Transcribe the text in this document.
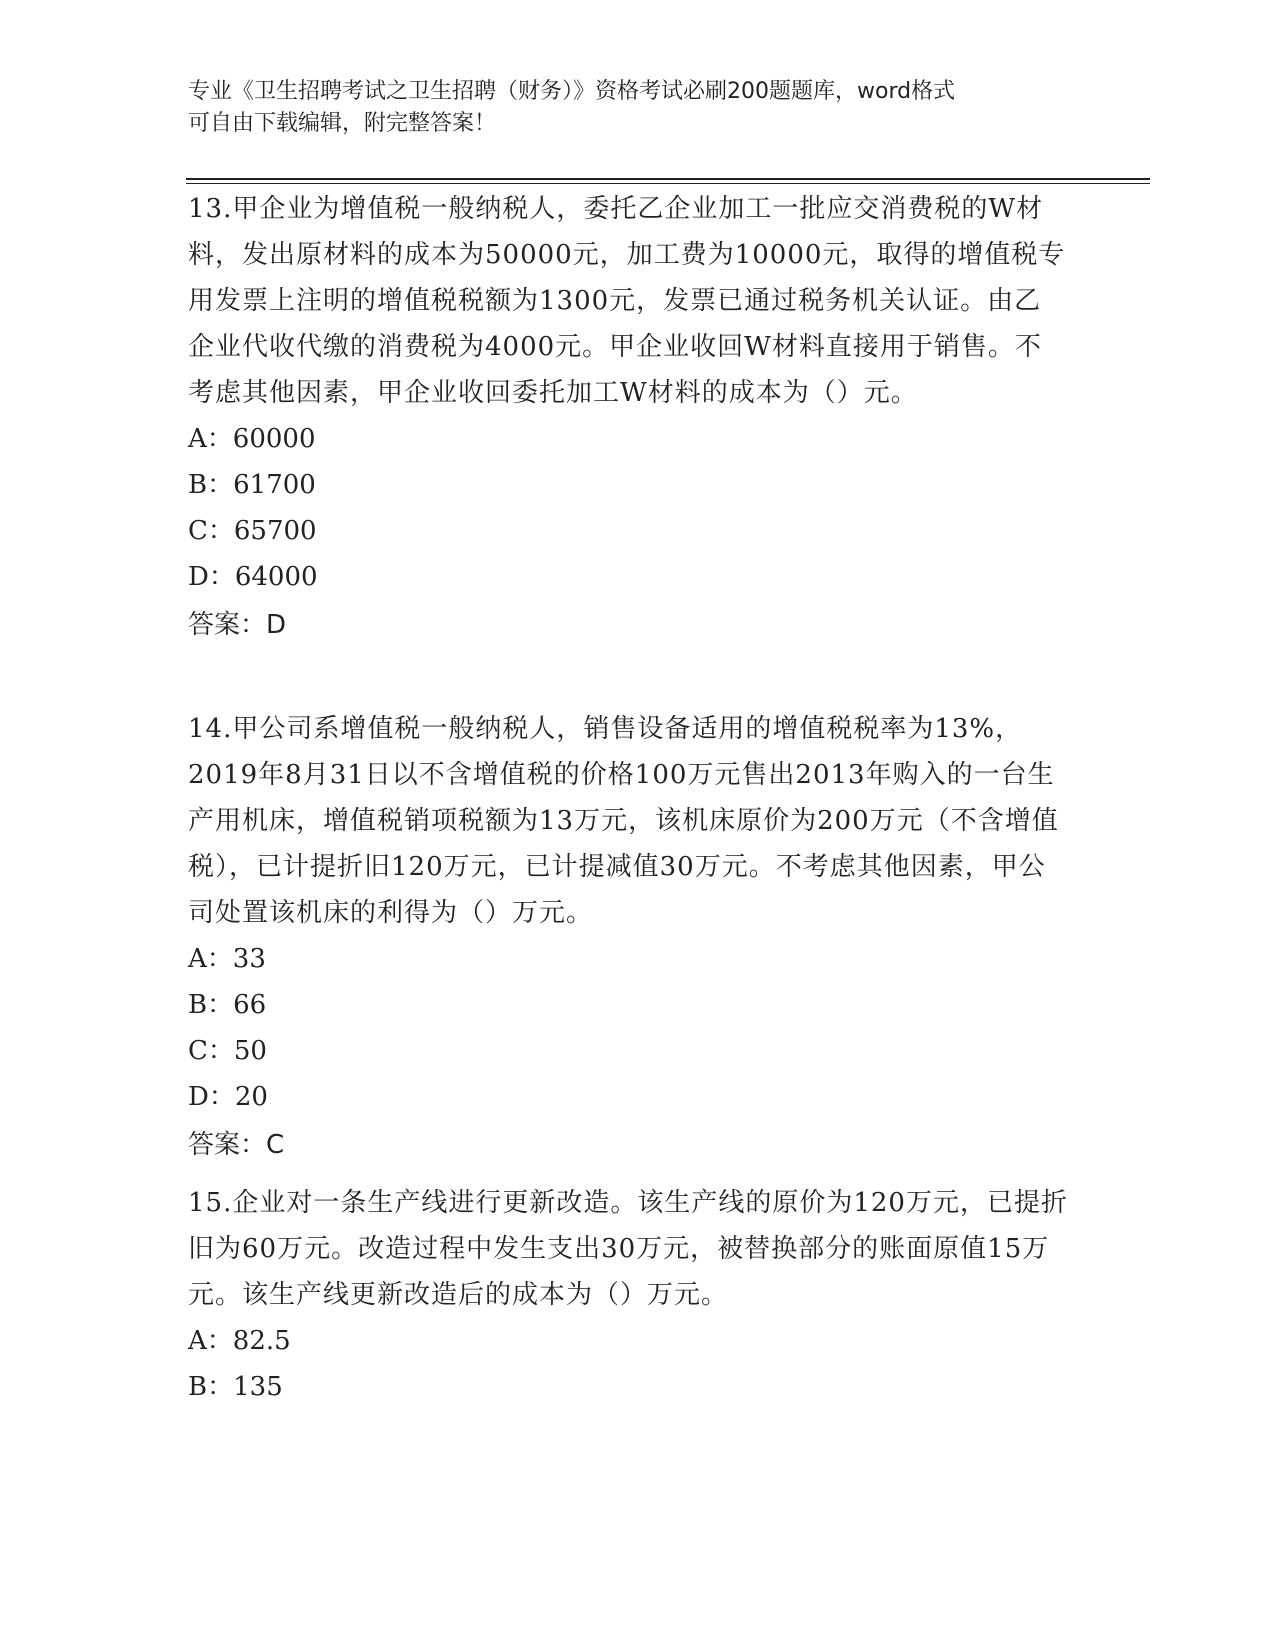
专业《卫生招聘考试之卫生招聘（财务）》资格考试必刷200题题库，word格式
可自由下载编辑，附完整答案！
13.甲企业为增值税一般纳税人，委托乙企业加工一批应交消费税的W材料，发出原材料的成本为50000元，加工费为10000元，取得的增值税专用发票上注明的增值税税额为1300元，发票已通过税务机关认证。由乙企业代收代缴的消费税为4000元。甲企业收回W材料直接用于销售。不考虑其他因素，甲企业收回委托加工W材料的成本为（）元。
A：60000
B：61700
C：65700
D：64000
答案：D
14.甲公司系增值税一般纳税人，销售设备适用的增值税税率为13%，2019年8月31日以不含增值税的价格100万元售出2013年购入的一台生产用机床，增值税销项税额为13万元，该机床原价为200万元（不含增值税），已计提折旧120万元，已计提减值30万元。不考虑其他因素，甲公司处置该机床的利得为（）万元。
A：33
B：66
C：50
D：20
答案：C
15.企业对一条生产线进行更新改造。该生产线的原价为120万元，已提折旧为60万元。改造过程中发生支出30万元，被替换部分的账面原值15万元。该生产线更新改造后的成本为（）万元。
A：82.5
B：135
